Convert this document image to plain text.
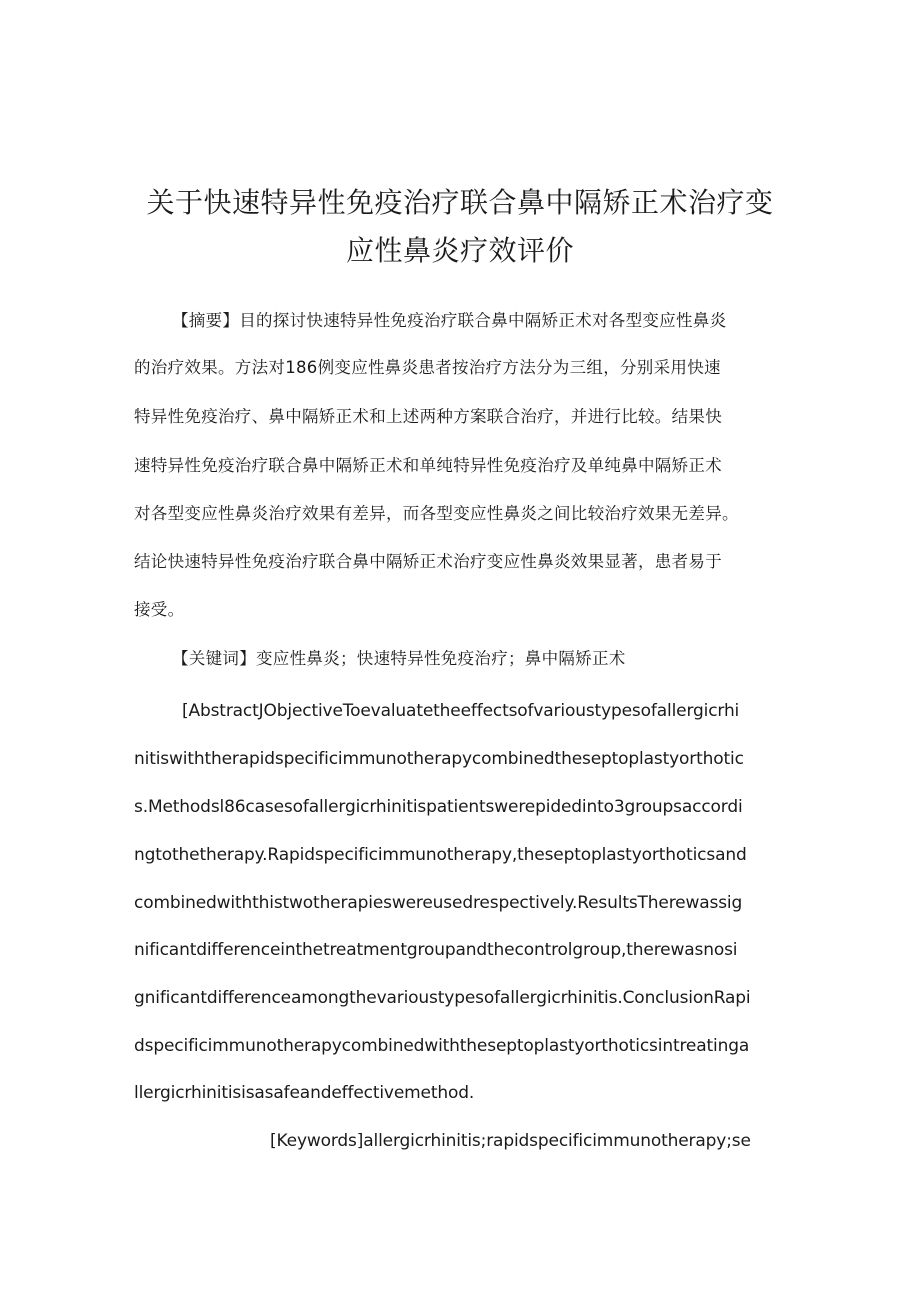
关于快速特异性免疫治疗联合鼻中隔矫正术治疗变
应性鼻炎疗效评价

【摘要】目的探讨快速特异性免疫治疗联合鼻中隔矫正术对各型变应性鼻炎

的治疗效果。方法对186例变应性鼻炎患者按治疗方法分为三组，分别采用快速

特异性免疫治疗、鼻中隔矫正术和上述两种方案联合治疗，并进行比较。结果快

速特异性免疫治疗联合鼻中隔矫正术和单纯特异性免疫治疗及单纯鼻中隔矫正术

对各型变应性鼻炎治疗效果有差异，而各型变应性鼻炎之间比较治疗效果无差异。

结论快速特异性免疫治疗联合鼻中隔矫正术治疗变应性鼻炎效果显著，患者易于

接受。

【关键词】变应性鼻炎；快速特异性免疫治疗；鼻中隔矫正术

[AbstractJObjectiveToevaluatetheeffectsofvarioustypesofallergicrhi

nitiswiththerapidspecificimmunotherapycombinedtheseptoplastyorthotic

s.Methodsl86casesofallergicrhinitispatientswerepidedinto3groupsaccordi

ngtothetherapy.Rapidspecificimmunotherapy,theseptoplastyorthoticsand

combinedwiththistwotherapieswereusedrespectively.ResultsTherewassig

nificantdifferenceinthetreatmentgroupandthecontrolgroup,therewasnosi

gnificantdifferenceamongthevarioustypesofallergicrhinitis.ConclusionRapi

dspecificimmunotherapycombinedwiththeseptoplastyorthoticsintreatinga

llergicrhinitisisasafeandeffectivemethod.

[Keywords]allergicrhinitis;rapidspecificimmunotherapy;se
